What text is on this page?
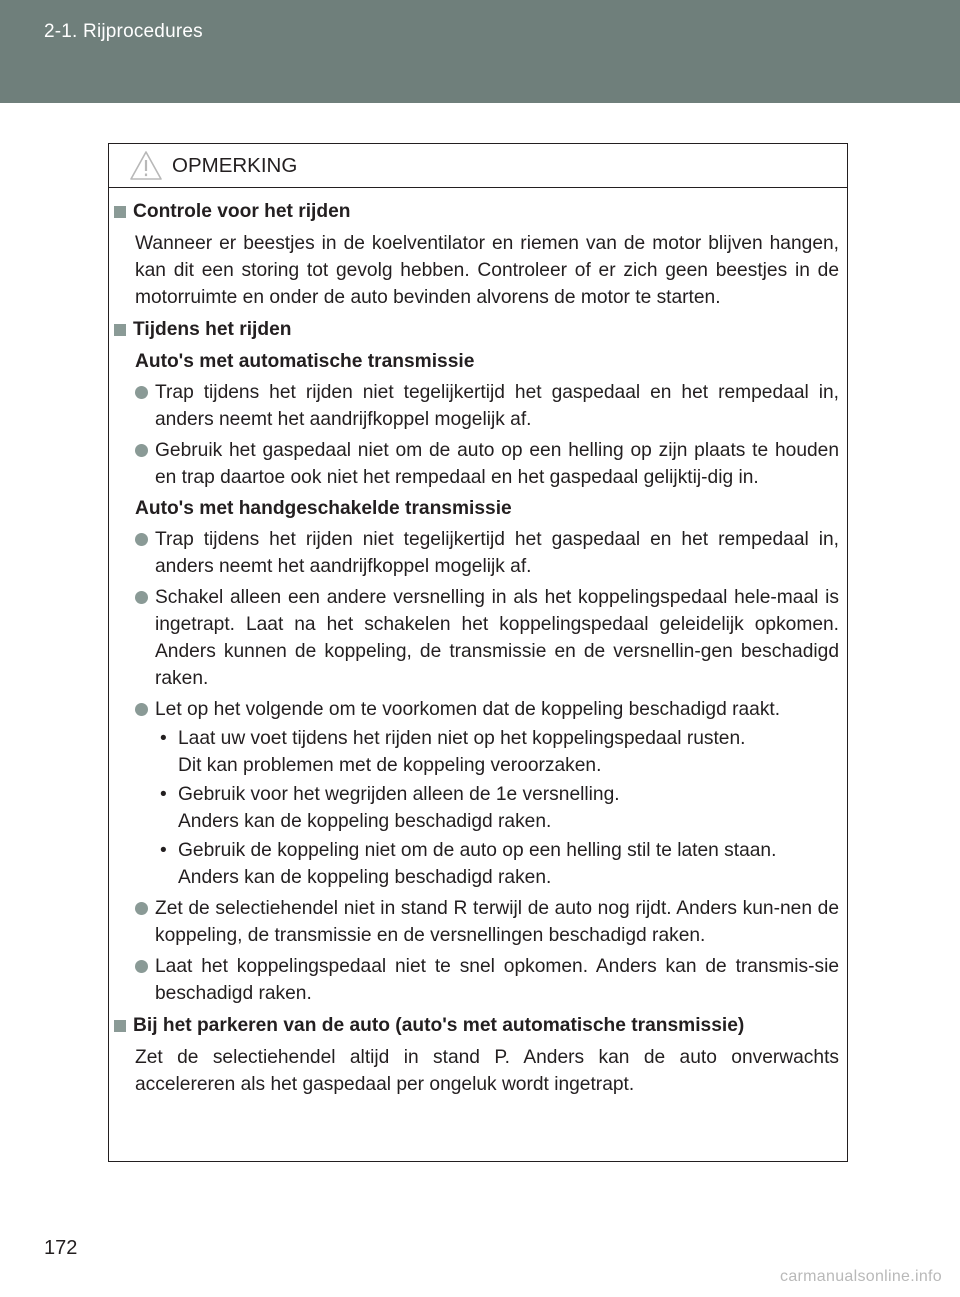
2-1. Rijprocedures
OPMERKING
Controle voor het rijden

Wanneer er beestjes in de koelventilator en riemen van de motor blijven hangen, kan dit een storing tot gevolg hebben. Controleer of er zich geen beestjes in de motorruimte en onder de auto bevinden alvorens de motor te starten.

Tijdens het rijden
Auto's met automatische transmissie
Trap tijdens het rijden niet tegelijkertijd het gaspedaal en het rempedaal in, anders neemt het aandrijfkoppel mogelijk af.
Gebruik het gaspedaal niet om de auto op een helling op zijn plaats te houden en trap daartoe ook niet het rempedaal en het gaspedaal gelijktij-dig in.
Auto's met handgeschakelde transmissie
Trap tijdens het rijden niet tegelijkertijd het gaspedaal en het rempedaal in, anders neemt het aandrijfkoppel mogelijk af.
Schakel alleen een andere versnelling in als het koppelingspedaal hele-maal is ingetrapt. Laat na het schakelen het koppelingspedaal geleidelijk opkomen. Anders kunnen de koppeling, de transmissie en de versnellin-gen beschadigd raken.
Let op het volgende om te voorkomen dat de koppeling beschadigd raakt.
• Laat uw voet tijdens het rijden niet op het koppelingspedaal rusten.
Dit kan problemen met de koppeling veroorzaken.
• Gebruik voor het wegrijden alleen de 1e versnelling.
Anders kan de koppeling beschadigd raken.
• Gebruik de koppeling niet om de auto op een helling stil te laten staan.
Anders kan de koppeling beschadigd raken.
Zet de selectiehendel niet in stand R terwijl de auto nog rijdt. Anders kun-nen de koppeling, de transmissie en de versnellingen beschadigd raken.
Laat het koppelingspedaal niet te snel opkomen. Anders kan de transmis-sie beschadigd raken.
Bij het parkeren van de auto (auto's met automatische transmissie)

Zet de selectiehendel altijd in stand P. Anders kan de auto onverwachts accelereren als het gaspedaal per ongeluk wordt ingetrapt.

172
carmanualsonline.info
